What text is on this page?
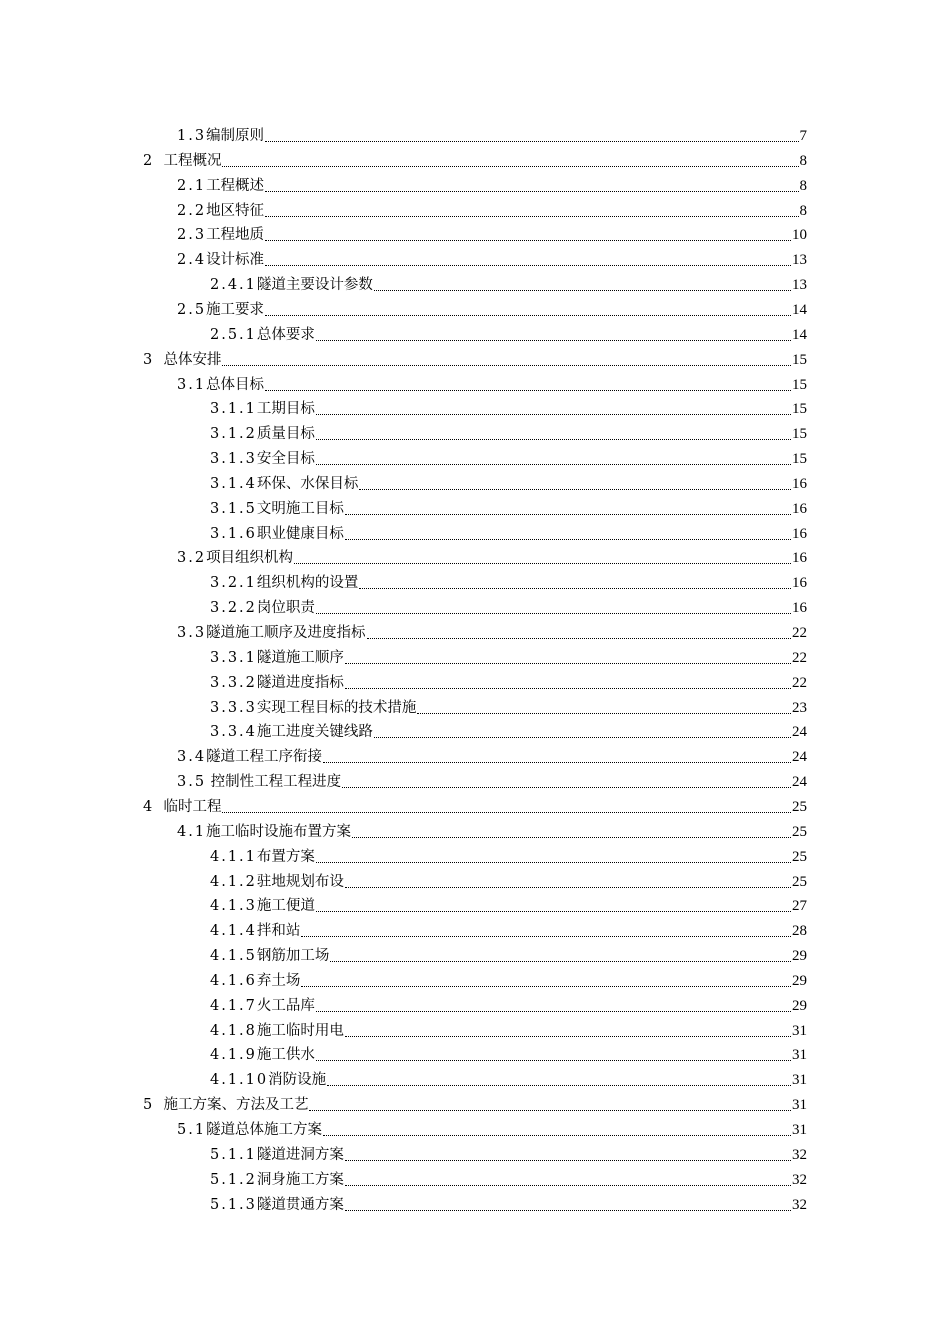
1.3编制原则	7
2 工程概况	8
2.1工程概述	8
2.2地区特征	8
2.3工程地质	10
2.4设计标准	13
2.4.1隧道主要设计参数	13
2.5施工要求	14
2.5.1总体要求	14
3 总体安排	15
3.1总体目标	15
3.1.1工期目标	15
3.1.2质量目标	15
3.1.3安全目标	15
3.1.4环保、水保目标	16
3.1.5文明施工目标	16
3.1.6职业健康目标	16
3.2项目组织机构	16
3.2.1组织机构的设置	16
3.2.2岗位职责	16
3.3隧道施工顺序及进度指标	22
3.3.1隧道施工顺序	22
3.3.2隧道进度指标	22
3.3.3实现工程目标的技术措施	23
3.3.4施工进度关键线路	24
3.4隧道工程工序衔接	24
3.5 控制性工程工程进度	24
4 临时工程	25
4.1施工临时设施布置方案	25
4.1.1布置方案	25
4.1.2驻地规划布设	25
4.1.3施工便道	27
4.1.4拌和站	28
4.1.5钢筋加工场	29
4.1.6弃土场	29
4.1.7火工品库	29
4.1.8施工临时用电	31
4.1.9施工供水	31
4.1.10消防设施	31
5 施工方案、方法及工艺	31
5.1隧道总体施工方案	31
5.1.1隧道进洞方案	32
5.1.2洞身施工方案	32
5.1.3隧道贯通方案	32
